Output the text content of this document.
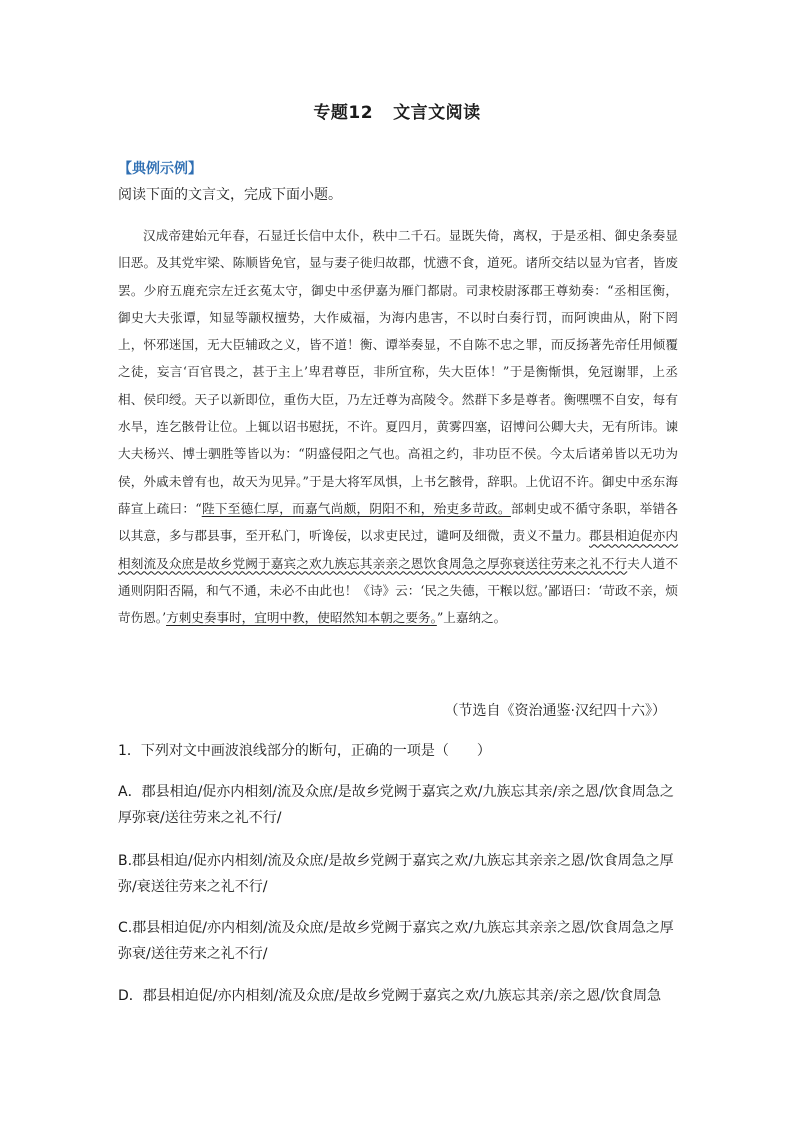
专题12 文言文阅读
【典例示例】
阅读下面的文言文，完成下面小题。

汉成帝建始元年春，石显迁长信中太仆，秩中二千石。显既失倚，离权，于是丞相、御史条奏显旧恶。及其党牢梁、陈顺皆免官，显与妻子徙归故郡，忧懑不食，道死。诸所交结以显为官者，皆废罢。少府五鹿充宗左迁玄菟太守，御史中丞伊嘉为雁门都尉。司隶校尉涿郡王尊劾奏：“丞相匡衡，御史大夫张谭，知显等颛权擅势，大作威福，为海内患害，不以时白奏行罚，而阿谀曲从，附下罔上，怀邪迷国，无大臣辅政之义，皆不道！衡、谭举奏显，不自陈不忠之罪，而反扬著先帝任用倾覆之徒，妄言‘百官畏之，甚于主上’卑君尊臣，非所宜称，失大臣体！”于是衡惭惧，免冠谢罪，上丞相、侯印绶。天子以新即位，重伤大臣，乃左迁尊为高陵令。然群下多是尊者。衡嘿嘿不自安，每有水旱，连乞骸骨让位。上辄以诏书慰抚，不许。夏四月，黄雾四塞，诏博问公卿大夫，无有所讳。谏大夫杨兴、博士驷胜等皆以为：“阴盛侵阳之气也。高祖之约，非功臣不侯。今太后诸弟皆以无功为侯，外戚未曾有也，故天为见异。”于是大将军凤惧，上书乞骸骨，辞职。上优诏不许。御史中丞东海薛宣上疏曰：“陛下至德仁厚，而嘉气尚颇，阴阳不和，殆吏多苛政。部刺史或不循守条职，举错各以其意，多与郡县事，至开私门，听谗佞，以求吏民过，谴呵及细微，责义不量力。郡县相迫促亦内相刻流及众庶是故乡党阙于嘉宾之欢九族忘其亲亲之恩饮食周急之厚弥衰送往劳来之礼不行夫人道不通则阴阳否隔，和气不通，未必不由此也！《诗》云：‘民之失德，干糇以愆。’鄙语曰：‘苛政不亲，烦苛伤恩。’方刺史奏事时，宜明中教，使昭然知本朝之要务。”上嘉纳之。

（节选自《资治通鉴·汉纪四十六》）
1．下列对文中画波浪线部分的断句，正确的一项是（　　）
A．郡县相迫/促亦内相刻/流及众庶/是故乡党阙于嘉宾之欢/九族忘其亲/亲之恩/饮食周急之厚弥衰/送往劳来之礼不行/
B.郡县相迫/促亦内相刻/流及众庶/是故乡党阙于嘉宾之欢/九族忘其亲亲之恩/饮食周急之厚弥/衰送往劳来之礼不行/
C.郡县相迫促/亦内相刻/流及众庶/是故乡党阙于嘉宾之欢/九族忘其亲亲之恩/饮食周急之厚弥衰/送往劳来之礼不行/
D．郡县相迫促/亦内相刻/流及众庶/是故乡党阙于嘉宾之欢/九族忘其亲/亲之恩/饮食周急
